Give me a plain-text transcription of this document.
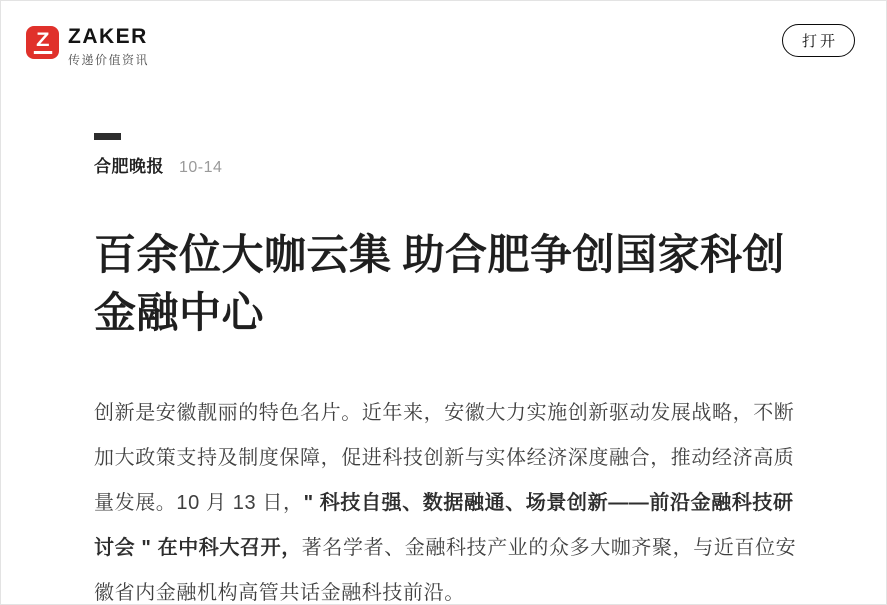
Z ZAKER
传递价值资讯
打开
合肥晚报 10-14
百余位大咖云集 助合肥争创国家科创金融中心

创新是安徽靓丽的特色名片。近年来，安徽大力实施创新驱动发展战略，不断加大政策支持及制度保障，促进科技创新与实体经济深度融合，推动经济高质量发展。10 月 13 日，" 科技自强、数据融通、场景创新——前沿金融科技研讨会 " 在中科大召开，著名学者、金融科技产业的众多大咖齐聚，与近百位安徽省内金融机构高管共话金融科技前沿。
